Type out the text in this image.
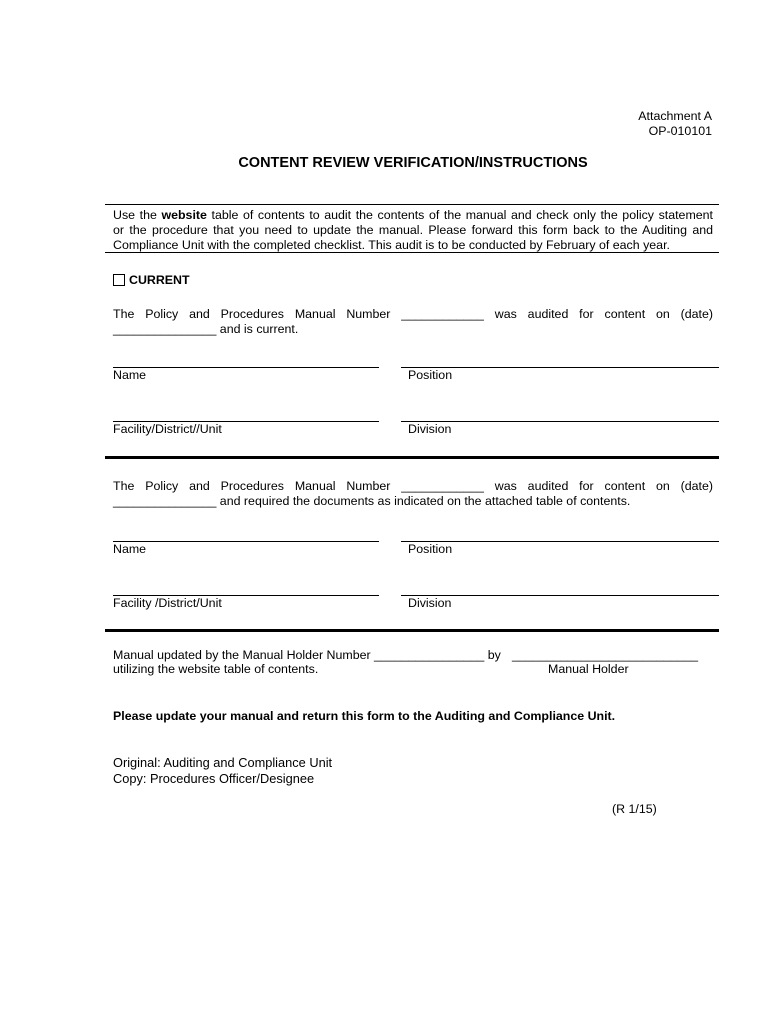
Attachment A
OP-010101
CONTENT REVIEW VERIFICATION/INSTRUCTIONS
Use the website table of contents to audit the contents of the manual and check only the policy statement
or the procedure that you need to update the manual. Please forward this form back to the Auditing and
Compliance Unit with the completed checklist. This audit is to be conducted by February of each year.
CURRENT
The Policy and Procedures Manual Number ____________ was audited for content on (date)
_______________ and is current.
Name	Position
Facility/District//Unit	Division
The Policy and Procedures Manual Number ____________ was audited for content on (date)
_______________ and required the documents as indicated on the attached table of contents.
Name	Position
Facility /District/Unit	Division
Manual updated by the Manual Holder Number ________________ by ___________________________
utilizing the website table of contents.	Manual Holder
Please update your manual and return this form to the Auditing and Compliance Unit.
Original: Auditing and Compliance Unit
Copy: Procedures Officer/Designee
(R 1/15)
